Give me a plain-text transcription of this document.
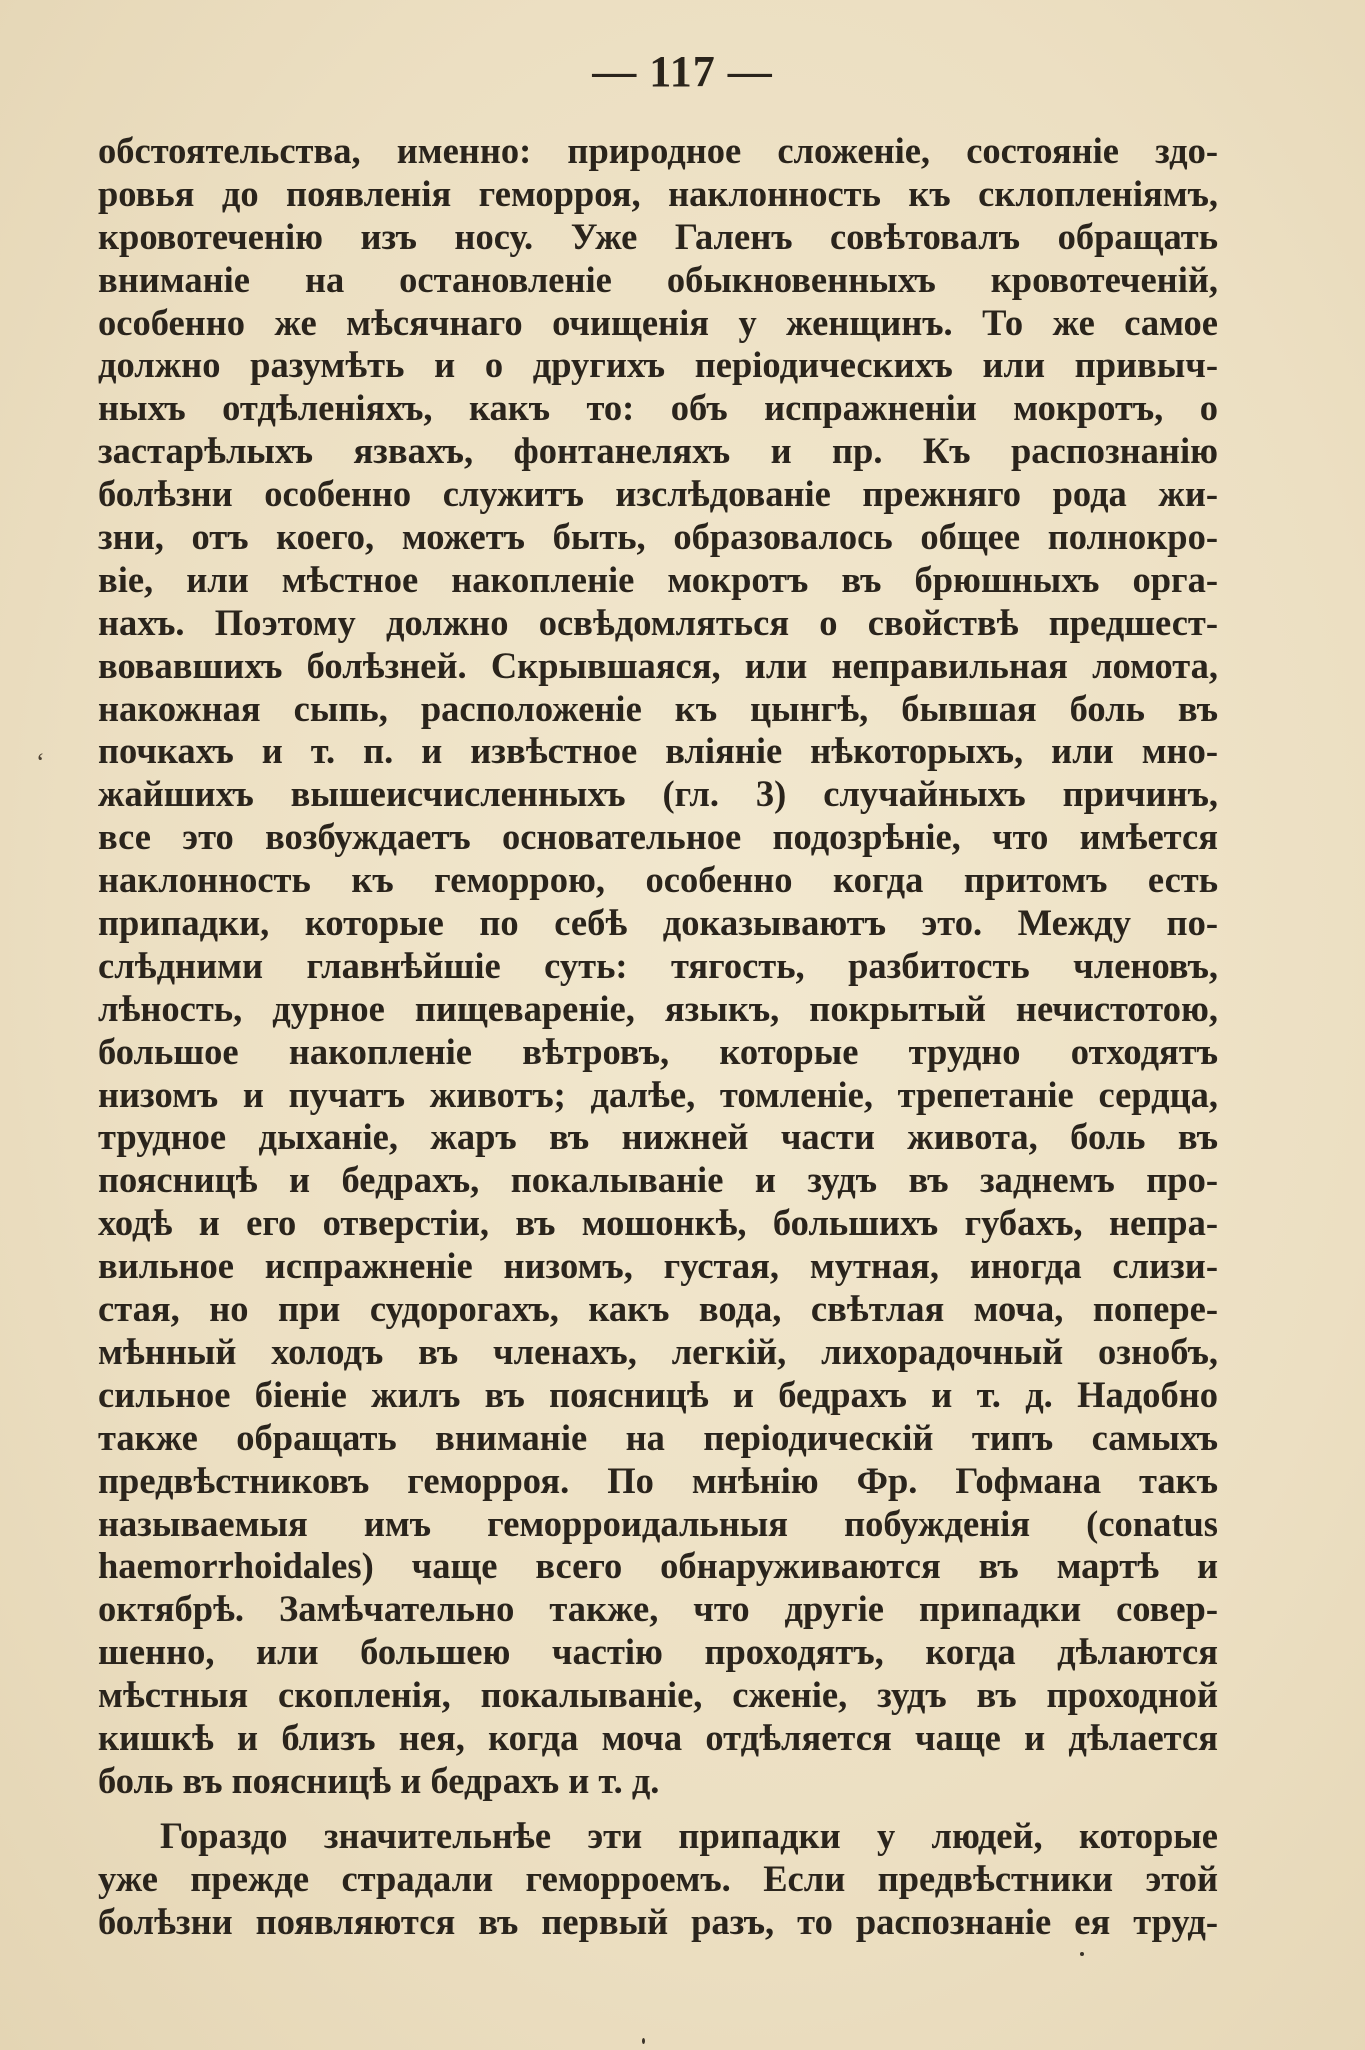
— 117 —
‘
обстоятельства, именно: природное сложеніе, состояніе здо-
ровья до появленія геморроя, наклонность къ склопленіямъ,
кровотеченію изъ носу. Уже Галенъ совѣтовалъ обращать
вниманіе на остановленіе обыкновенныхъ кровотеченій,
особенно же мѣсячнаго очищенія у женщинъ. То же самое
должно разумѣть и о другихъ періодическихъ или привыч-
ныхъ отдѣленіяхъ, какъ то: объ испражненіи мокротъ, о
застарѣлыхъ язвахъ, фонтанеляхъ и пр. Къ распознанію
болѣзни особенно служитъ изслѣдованіе прежняго рода жи-
зни, отъ коего, можетъ быть, образовалось общее полнокро-
віе, или мѣстное накопленіе мокротъ въ брюшныхъ орга-
нахъ. Поэтому должно освѣдомляться о свойствѣ предшест-
вовавшихъ болѣзней. Скрывшаяся, или неправильная ломота,
накожная сыпь, расположеніе къ цынгѣ, бывшая боль въ
почкахъ и т. п. и извѣстное вліяніе нѣкоторыхъ, или мно-
жайшихъ вышеисчисленныхъ (гл. 3) случайныхъ причинъ,
все это возбуждаетъ основательное подозрѣніе, что имѣется
наклонность къ геморрою, особенно когда притомъ есть
припадки, которые по себѣ доказываютъ это. Между по-
слѣдними главнѣйшіе суть: тягость, разбитость членовъ,
лѣность, дурное пищевареніе, языкъ, покрытый нечистотою,
большое накопленіе вѣтровъ, которые трудно отходятъ
низомъ и пучатъ животъ; далѣе, томленіе, трепетаніе сердца,
трудное дыханіе, жаръ въ нижней части живота, боль въ
поясницѣ и бедрахъ, покалываніе и зудъ въ заднемъ про-
ходѣ и его отверстіи, въ мошонкѣ, большихъ губахъ, непра-
вильное испражненіе низомъ, густая, мутная, иногда слизи-
стая, но при судорогахъ, какъ вода, свѣтлая моча, попере-
мѣнный холодъ въ членахъ, легкій, лихорадочный ознобъ,
сильное біеніе жилъ въ поясницѣ и бедрахъ и т. д. Надобно
также обращать вниманіе на періодическій типъ самыхъ
предвѣстниковъ геморроя. По мнѣнію Фр. Гофмана такъ
называемыя имъ геморроидальныя побужденія (conatus
haemorrhoidales) чаще всего обнаруживаются въ мартѣ и
октябрѣ. Замѣчательно также, что другіе припадки совер-
шенно, или большею частію проходятъ, когда дѣлаются
мѣстныя скопленія, покалываніе, сженіе, зудъ въ проходной
кишкѣ и близъ нея, когда моча отдѣляется чаще и дѣлается
боль въ поясницѣ и бедрахъ и т. д.
Гораздо значительнѣе эти припадки у людей, которые
уже прежде страдали геморроемъ. Если предвѣстники этой
болѣзни появляются въ первый разъ, то распознаніе ея труд-
